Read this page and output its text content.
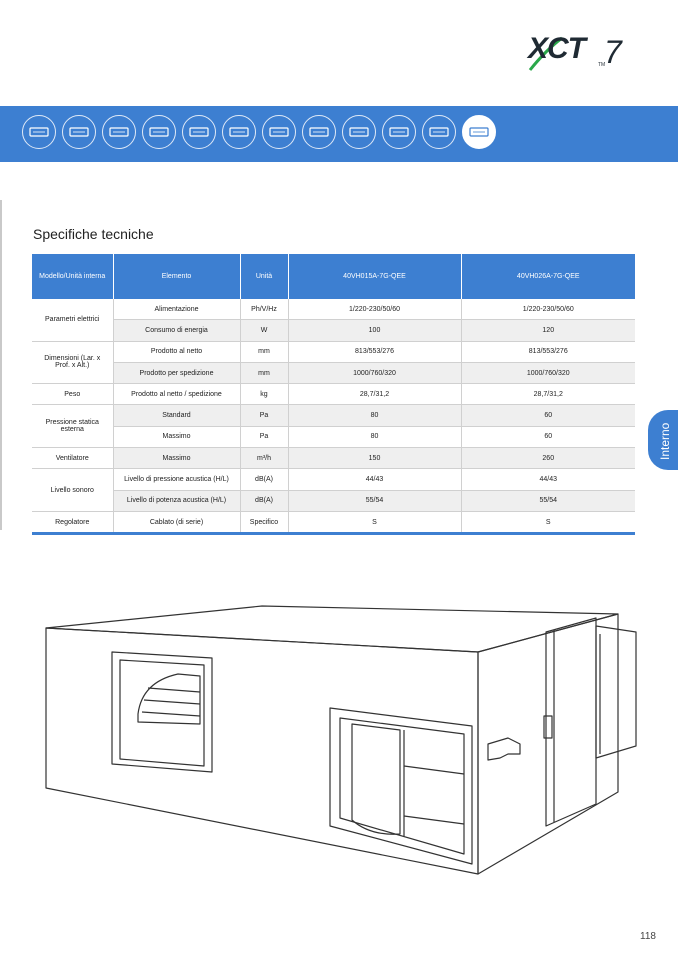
XCT	TM
7
Interno
Specifiche tecniche
Modello/Unità interna	Elemento	Unità	40VH015A-7G-QEE	40VH026A-7G-QEE
Parametri elettrici	Alimentazione	Ph/V/Hz	1/220-230/50/60	1/220-230/50/60
	Consumo di energia	W	100	120
Dimensioni (Lar. x Prof. x Alt.)	Prodotto al netto	mm	813/553/276	813/553/276
	Prodotto per spedizione	mm	1000/760/320	1000/760/320
Peso	Prodotto al netto / spedizione	kg	28,7/31,2	28,7/31,2
Pressione statica esterna	Standard	Pa	80	60
	Massimo	Pa	80	60
Ventilatore	Massimo	m³/h	150	260
Livello sonoro	Livello di pressione acustica (H/L)	dB(A)	44/43	44/43
	Livello di potenza acustica (H/L)	dB(A)	55/54	55/54
Regolatore	Cablato (di serie)	Specifico	S	S
118
